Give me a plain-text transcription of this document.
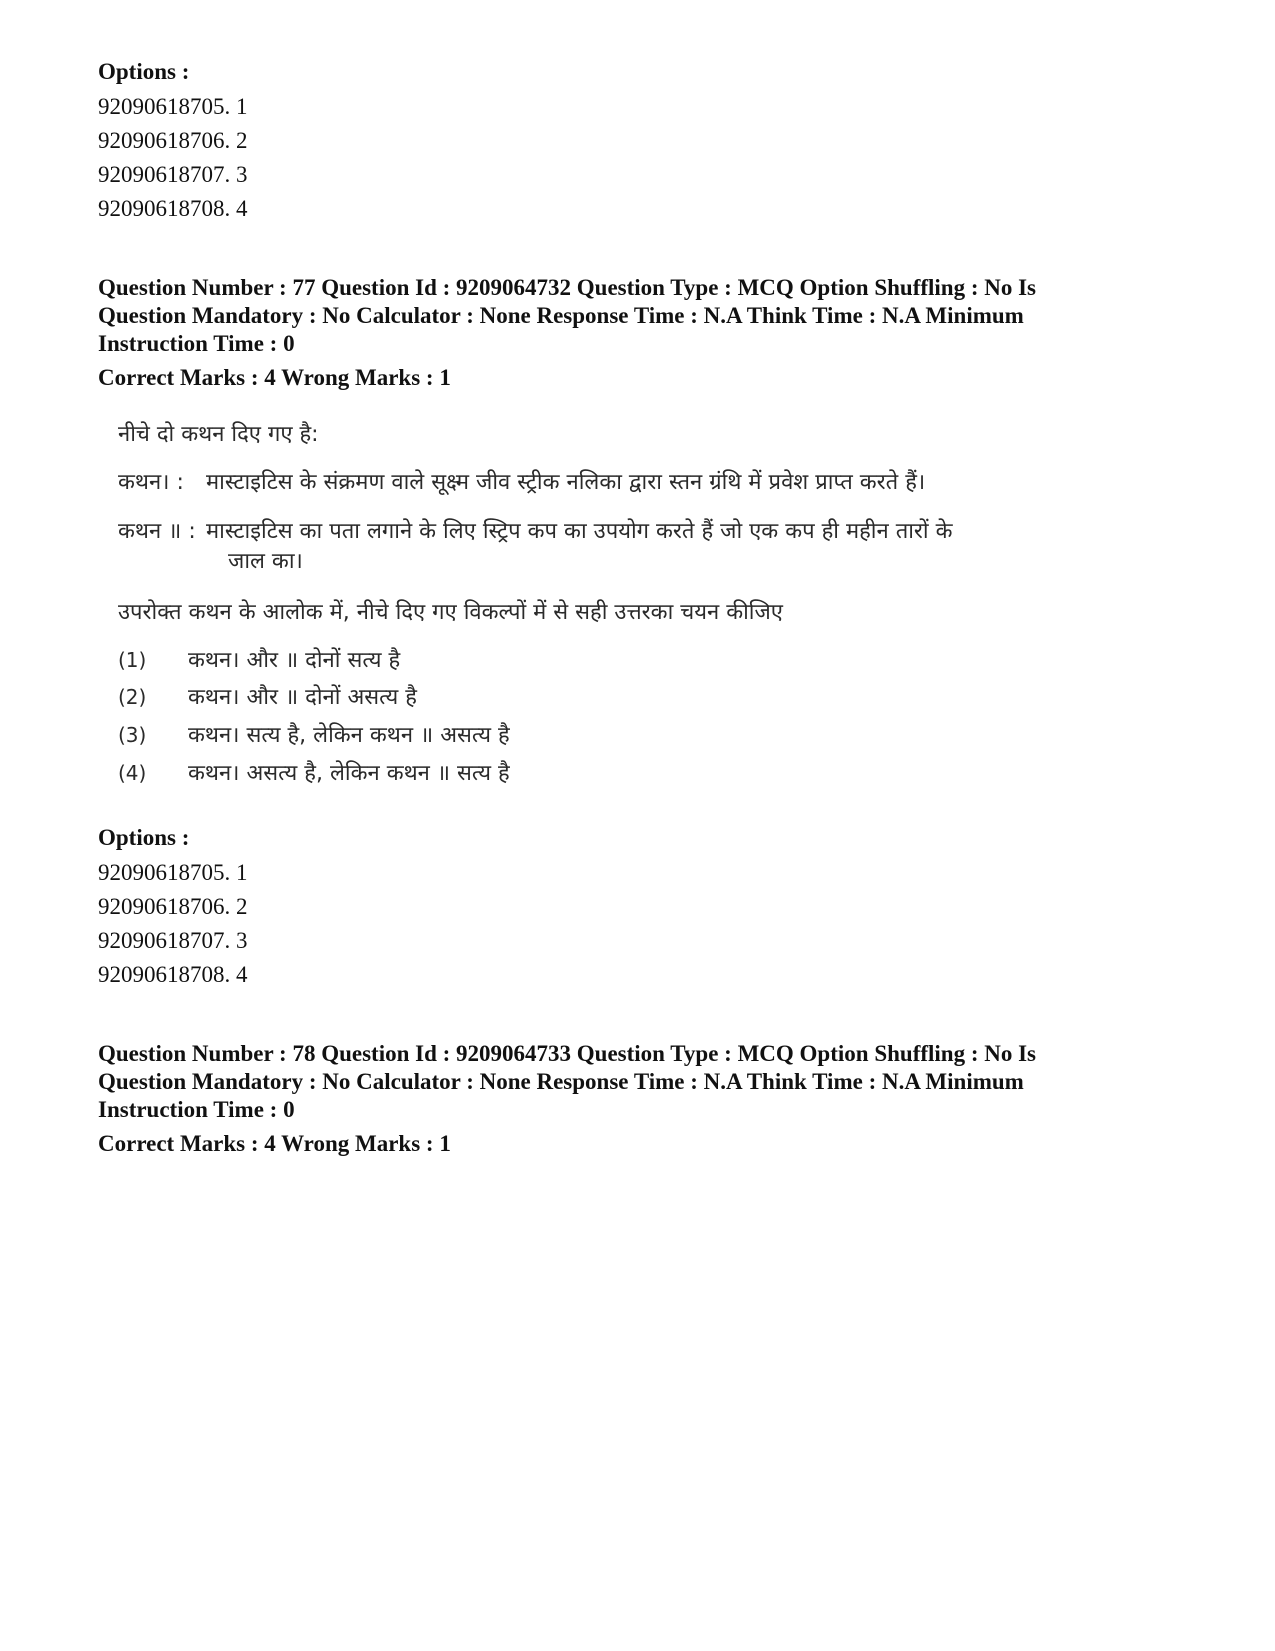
Options :
92090618705. 1
92090618706. 2
92090618707. 3
92090618708. 4
Question Number : 77 Question Id : 9209064732 Question Type : MCQ Option Shuffling : No Is
Question Mandatory : No Calculator : None Response Time : N.A Think Time : N.A Minimum
Instruction Time : 0
Correct Marks : 4 Wrong Marks : 1
नीचे दो कथन दिए गए है:
कथन। : मास्टाइटिस के संक्रमण वाले सूक्ष्म जीव स्ट्रीक नलिका द्वारा स्तन ग्रंथि में प्रवेश प्राप्त करते हैं।
कथन ॥ : मास्टाइटिस का पता लगाने के लिए स्ट्रिप कप का उपयोग करते हैं जो एक कप ही महीन तारों के
जाल का।
उपरोक्त कथन के आलोक में, नीचे दिए गए विकल्पों में से सही उत्तरका चयन कीजिए
(1) कथन। और ॥ दोनों सत्य है
(2) कथन। और ॥ दोनों असत्य है
(3) कथन। सत्य है, लेकिन कथन ॥ असत्य है
(4) कथन। असत्य है, लेकिन कथन ॥ सत्य है
Options :
92090618705. 1
92090618706. 2
92090618707. 3
92090618708. 4
Question Number : 78 Question Id : 9209064733 Question Type : MCQ Option Shuffling : No Is
Question Mandatory : No Calculator : None Response Time : N.A Think Time : N.A Minimum
Instruction Time : 0
Correct Marks : 4 Wrong Marks : 1
